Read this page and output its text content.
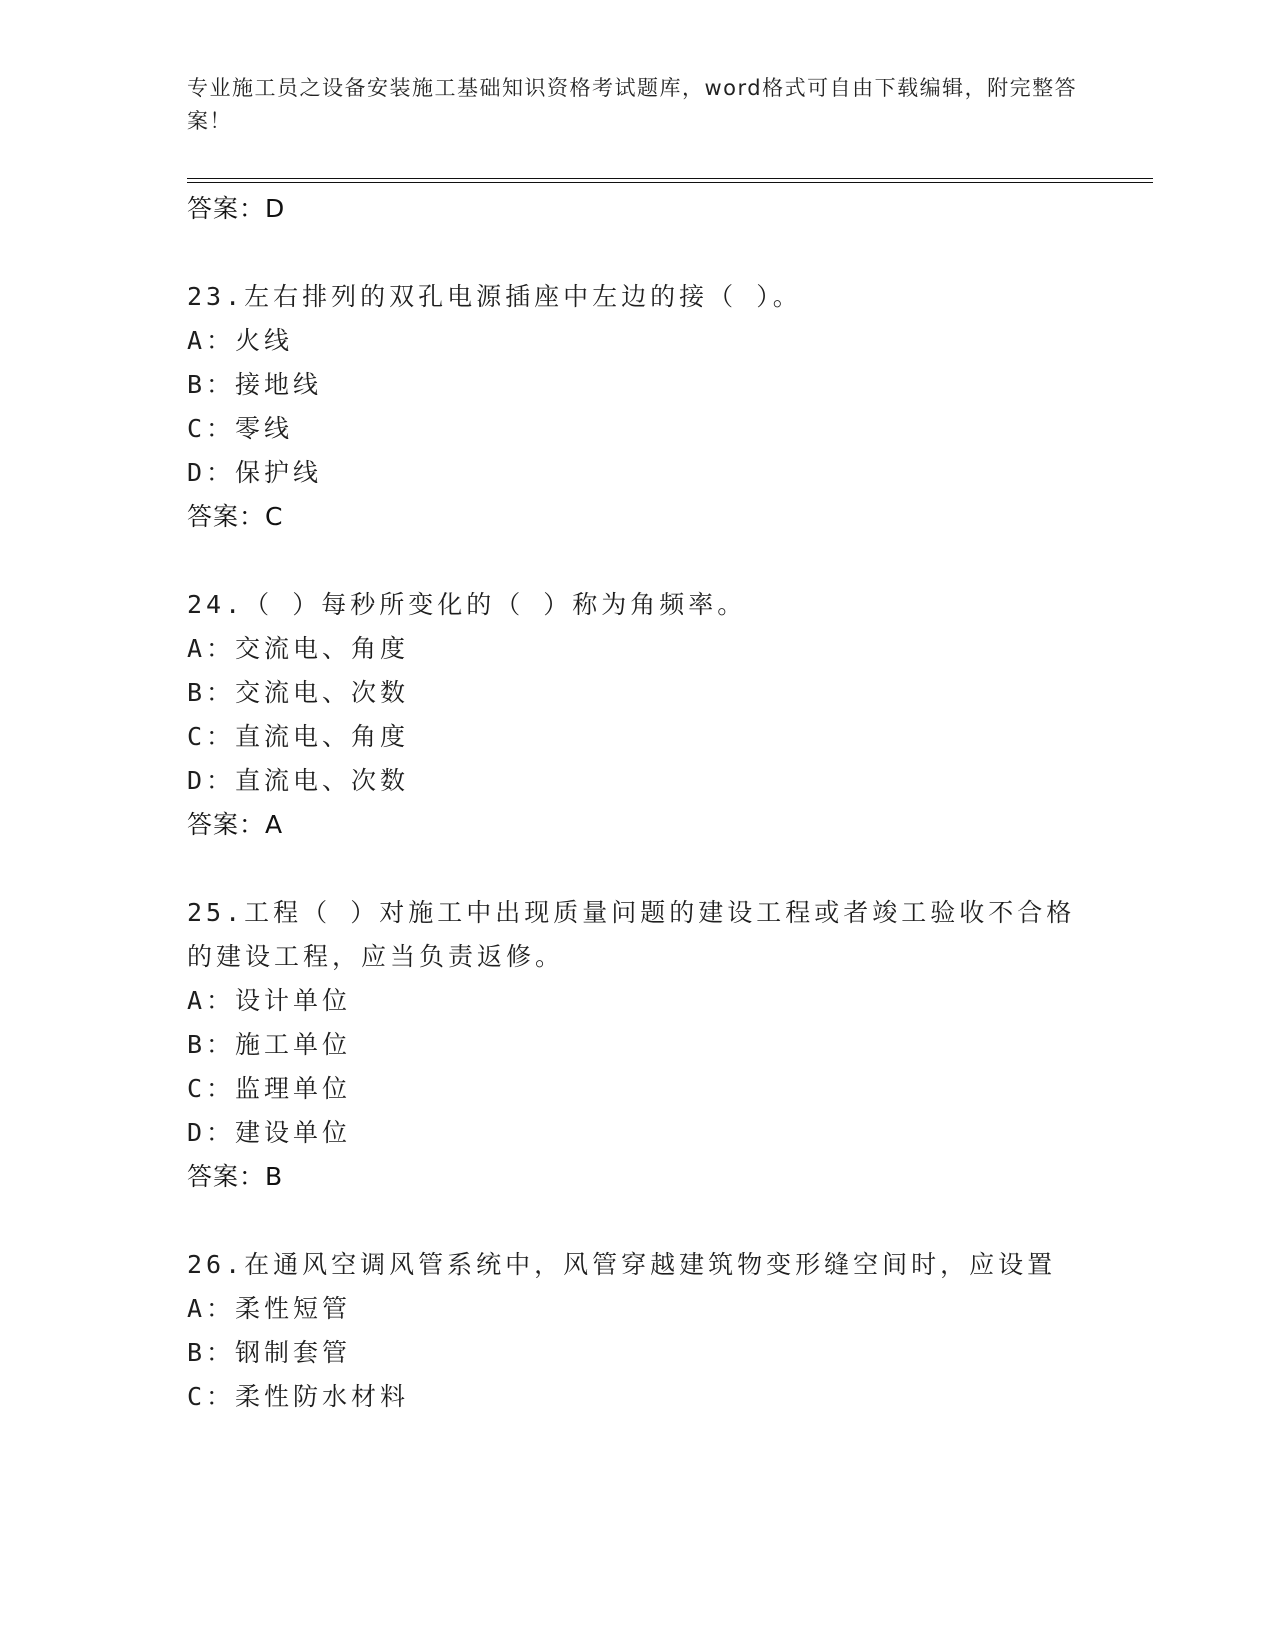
专业施工员之设备安装施工基础知识资格考试题库，word格式可自由下载编辑，附完整答案！
答案：D
23.左右排列的双孔电源插座中左边的接（ ）。
A：火线
B：接地线
C：零线
D：保护线
答案：C
24.（ ）每秒所变化的（ ）称为角频率。
A：交流电、角度
B：交流电、次数
C：直流电、角度
D：直流电、次数
答案：A
25.工程（ ）对施工中出现质量问题的建设工程或者竣工验收不合格
的建设工程，应当负责返修。
A：设计单位
B：施工单位
C：监理单位
D：建设单位
答案：B
26.在通风空调风管系统中，风管穿越建筑物变形缝空间时，应设置
A：柔性短管
B：钢制套管
C：柔性防水材料
